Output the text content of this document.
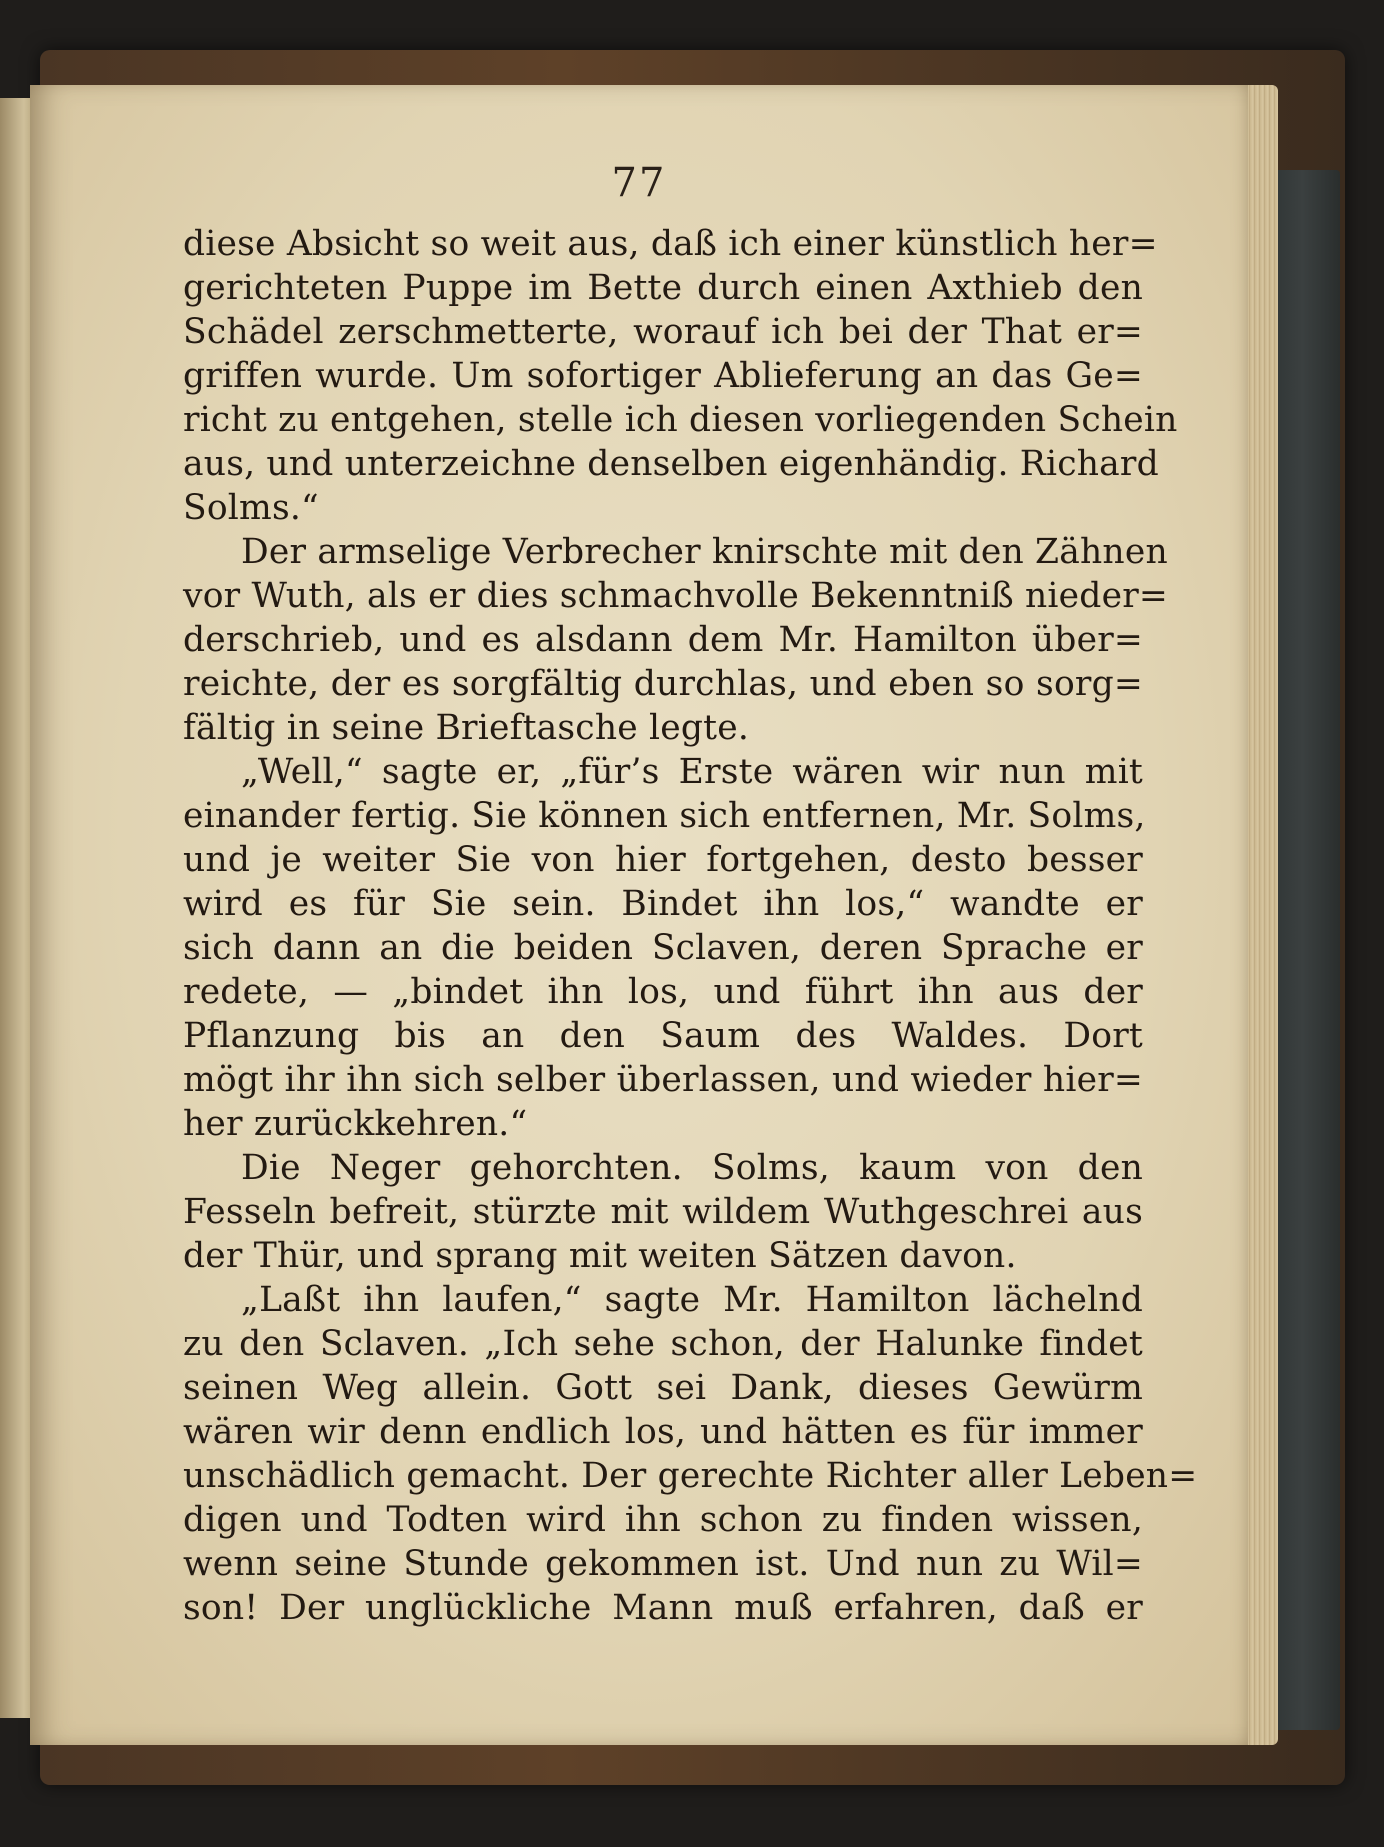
77
diese Absicht so weit aus, daß ich einer künstlich her=
gerichteten Puppe im Bette durch einen Axthieb den
Schädel zerschmetterte, worauf ich bei der That er=
griffen wurde. Um sofortiger Ablieferung an das Ge=
richt zu entgehen, stelle ich diesen vorliegenden Schein
aus, und unterzeichne denselben eigenhändig. Richard
Solms.“
Der armselige Verbrecher knirschte mit den Zähnen
vor Wuth, als er dies schmachvolle Bekenntniß nieder=
derschrieb, und es alsdann dem Mr. Hamilton über=
reichte, der es sorgfältig durchlas, und eben so sorg=
fältig in seine Brieftasche legte.
„Well,“ sagte er, „für’s Erste wären wir nun mit
einander fertig. Sie können sich entfernen, Mr. Solms,
und je weiter Sie von hier fortgehen, desto besser
wird es für Sie sein. Bindet ihn los,“ wandte er
sich dann an die beiden Sclaven, deren Sprache er
redete, — „bindet ihn los, und führt ihn aus der
Pflanzung bis an den Saum des Waldes. Dort
mögt ihr ihn sich selber überlassen, und wieder hier=
her zurückkehren.“
Die Neger gehorchten. Solms, kaum von den
Fesseln befreit, stürzte mit wildem Wuthgeschrei aus
der Thür, und sprang mit weiten Sätzen davon.
„Laßt ihn laufen,“ sagte Mr. Hamilton lächelnd
zu den Sclaven. „Ich sehe schon, der Halunke findet
seinen Weg allein. Gott sei Dank, dieses Gewürm
wären wir denn endlich los, und hätten es für immer
unschädlich gemacht. Der gerechte Richter aller Leben=
digen und Todten wird ihn schon zu finden wissen,
wenn seine Stunde gekommen ist. Und nun zu Wil=
son! Der unglückliche Mann muß erfahren, daß er
